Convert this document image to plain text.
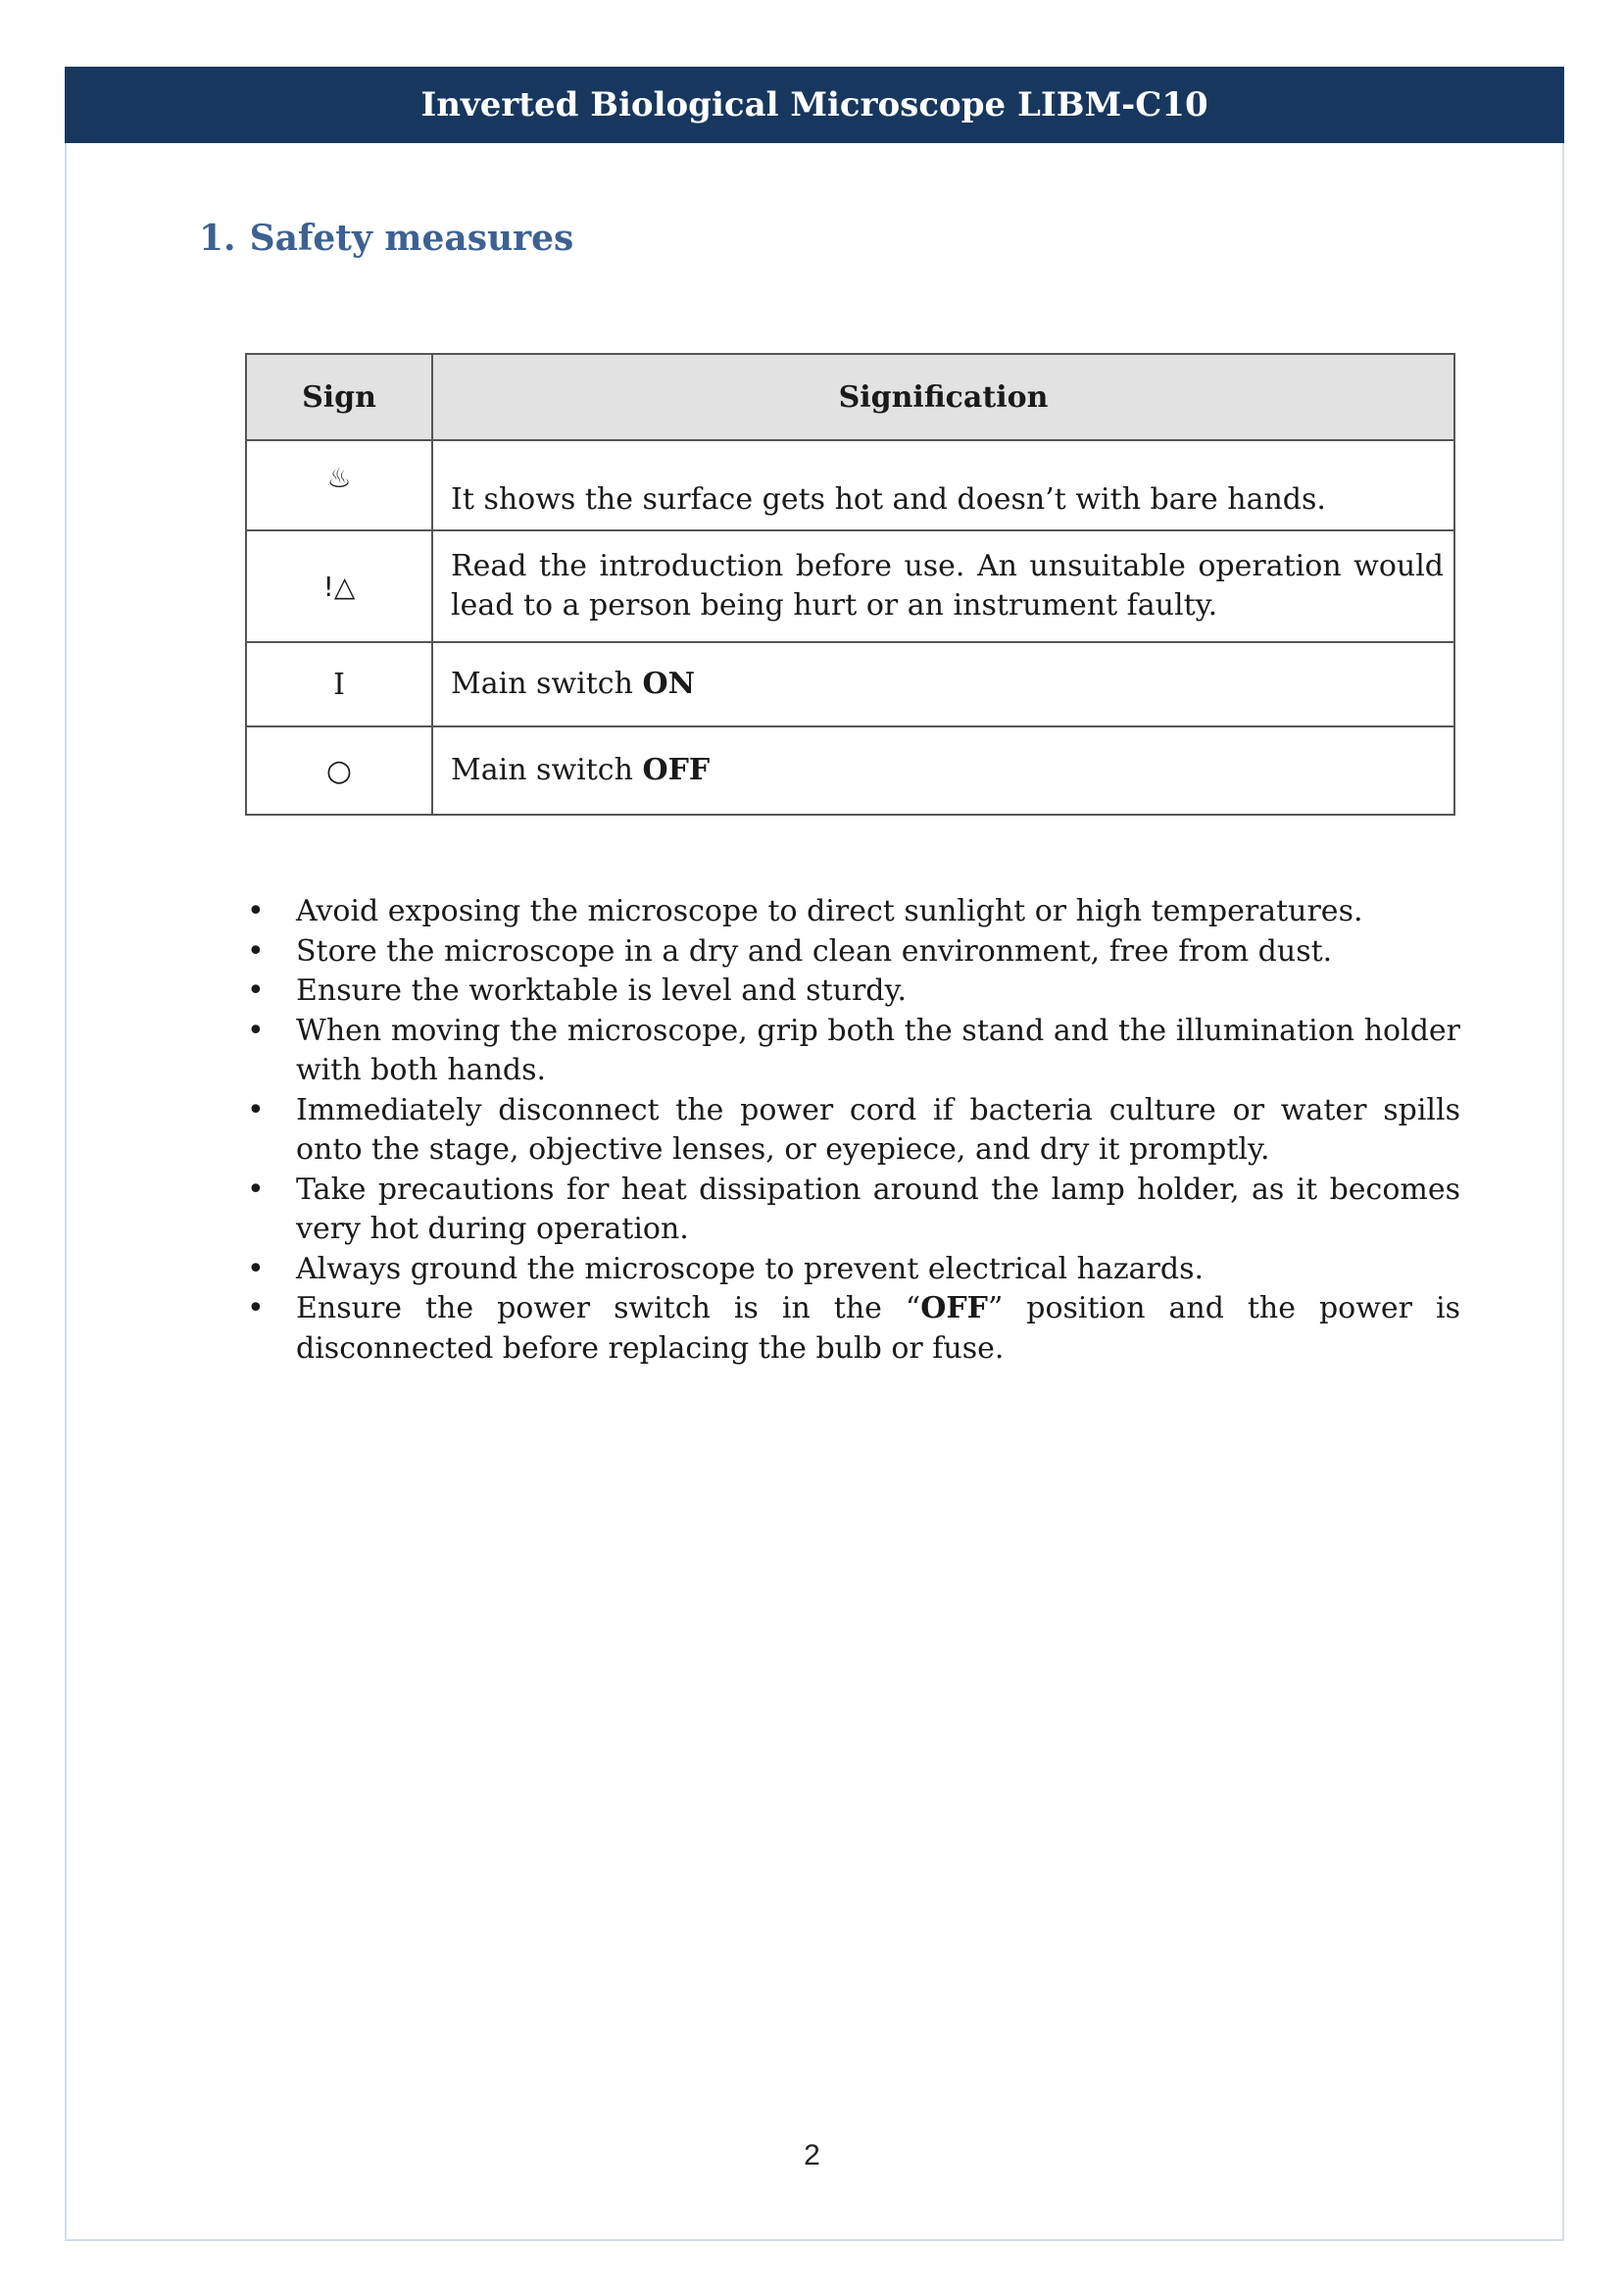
Inverted Biological Microscope LIBM-C10
1. Safety measures
Sign	Signification
♨	It shows the surface gets hot and doesn’t with bare hands.
!△	Read the introduction before use. An unsuitable operation would lead to a person being hurt or an instrument faulty.
I	Main switch ON
○	Main switch OFF
• Avoid exposing the microscope to direct sunlight or high temperatures.
• Store the microscope in a dry and clean environment, free from dust.
• Ensure the worktable is level and sturdy.
• When moving the microscope, grip both the stand and the illumination holder with both hands.
• Immediately disconnect the power cord if bacteria culture or water spills onto the stage, objective lenses, or eyepiece, and dry it promptly.
• Take precautions for heat dissipation around the lamp holder, as it becomes very hot during operation.
• Always ground the microscope to prevent electrical hazards.
• Ensure the power switch is in the “OFF” position and the power is disconnected before replacing the bulb or fuse.
2
